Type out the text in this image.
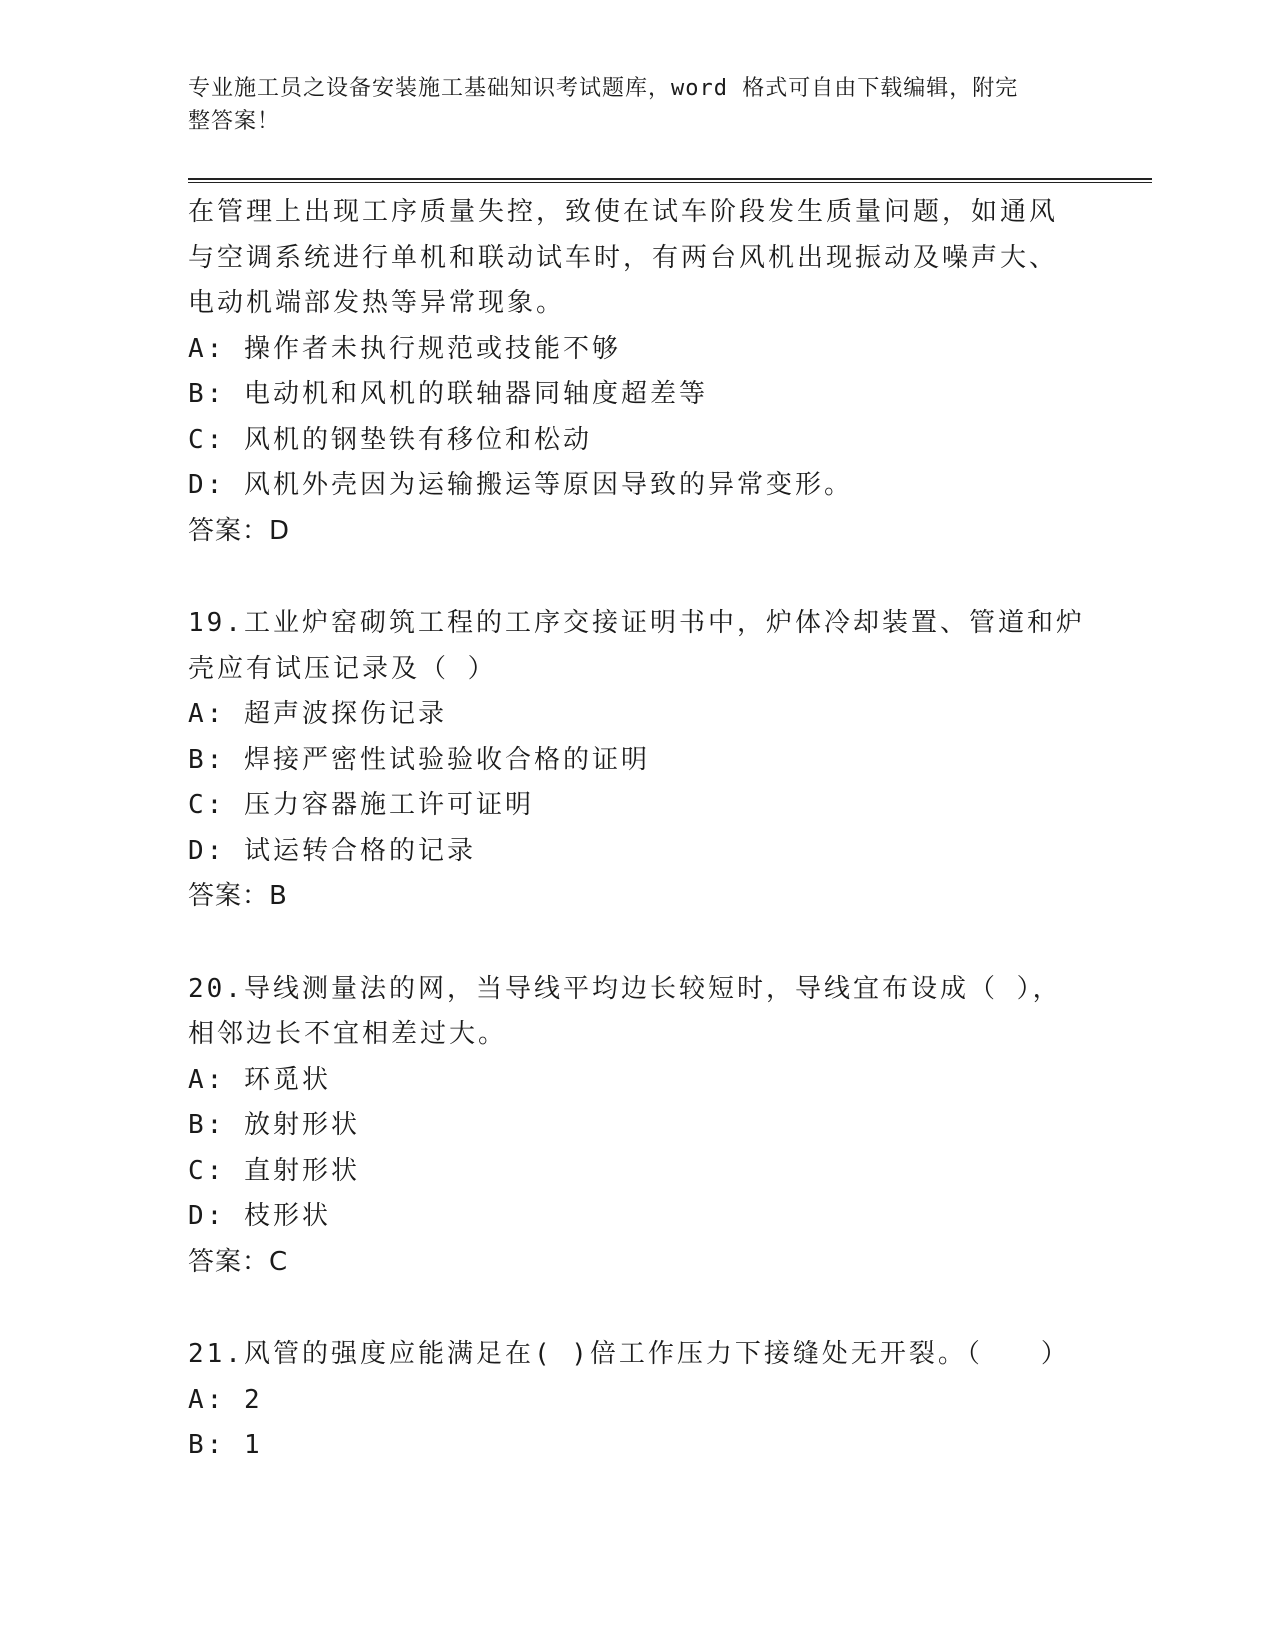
专业施工员之设备安装施工基础知识考试题库，word 格式可自由下载编辑，附完
整答案！
在管理上出现工序质量失控，致使在试车阶段发生质量问题，如通风
与空调系统进行单机和联动试车时，有两台风机出现振动及噪声大、
电动机端部发热等异常现象。
A: 操作者未执行规范或技能不够
B: 电动机和风机的联轴器同轴度超差等
C: 风机的钢垫铁有移位和松动
D: 风机外壳因为运输搬运等原因导致的异常变形。
答案：D
19.工业炉窑砌筑工程的工序交接证明书中，炉体冷却装置、管道和炉
壳应有试压记录及（ ）
A: 超声波探伤记录
B: 焊接严密性试验验收合格的证明
C: 压力容器施工许可证明
D: 试运转合格的记录
答案：B
20.导线测量法的网，当导线平均边长较短时，导线宜布设成（ ），
相邻边长不宜相差过大。
A: 环觅状
B: 放射形状
C: 直射形状
D: 枝形状
答案：C
21.风管的强度应能满足在( )倍工作压力下接缝处无开裂。（　　）
A: 2
B: 1
